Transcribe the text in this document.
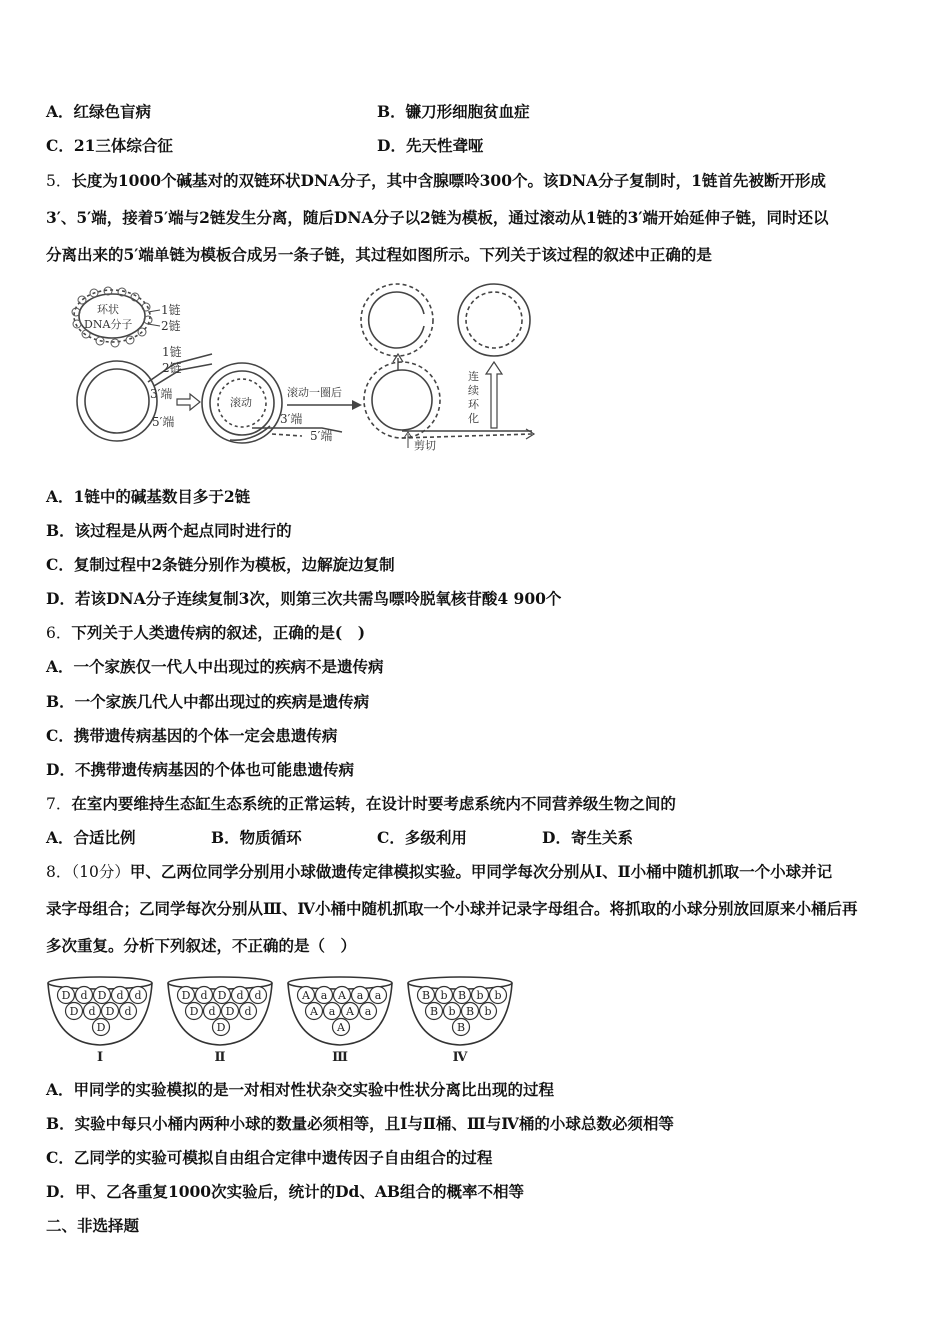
A．红绿色盲病	B．镰刀形细胞贫血症
C．21三体综合征	D．先天性聋哑
5．长度为1000个碱基对的双链环状DNA分子，其中含腺嘌呤300个。该DNA分子复制时，1链首先被断开形成
3′、5′端，接着5′端与2链发生分离，随后DNA分子以2链为模板，通过滚动从1链的3′端开始延伸子链，同时还以
分离出来的5′端单链为模板合成另一条子链，其过程如图所示。下列关于该过程的叙述中正确的是
环状
DNA分子
1链
2链
1链
2链
3′端
5′端
滚动
3′端
5′端
滚动一圈后
剪切
连
续
环
化
A．1链中的碱基数目多于2链
B．该过程是从两个起点同时进行的
C．复制过程中2条链分别作为模板，边解旋边复制
D．若该DNA分子连续复制3次，则第三次共需鸟嘌呤脱氧核苷酸4 900个
6．下列关于人类遗传病的叙述，正确的是(　)
A．一个家族仅一代人中出现过的疾病不是遗传病
B．一个家族几代人中都出现过的疾病是遗传病
C．携带遗传病基因的个体一定会患遗传病
D．不携带遗传病基因的个体也可能患遗传病
7．在室内要维持生态缸生态系统的正常运转，在设计时要考虑系统内不同营养级生物之间的
A．合适比例	B．物质循环	C．多级利用	D．寄生关系
8．（10分）甲、乙两位同学分别用小球做遗传定律模拟实验。甲同学每次分别从Ⅰ、Ⅱ小桶中随机抓取一个小球并记
录字母组合；乙同学每次分别从Ⅲ、Ⅳ小桶中随机抓取一个小球并记录字母组合。将抓取的小球分别放回原来小桶后再
多次重复。分析下列叙述，不正确的是（　）
D d D d d
D d D d
D
Ⅰ
D d D d d
D d D d
D
Ⅱ
A a A a a
A a A a
A
Ⅲ
B b B b b
B b B b
B
Ⅳ
A．甲同学的实验模拟的是一对相对性状杂交实验中性状分离比出现的过程
B．实验中每只小桶内两种小球的数量必须相等，且Ⅰ与Ⅱ桶、Ⅲ与Ⅳ桶的小球总数必须相等
C．乙同学的实验可模拟自由组合定律中遗传因子自由组合的过程
D．甲、乙各重复1000次实验后，统计的Dd、AB组合的概率不相等
二、非选择题
